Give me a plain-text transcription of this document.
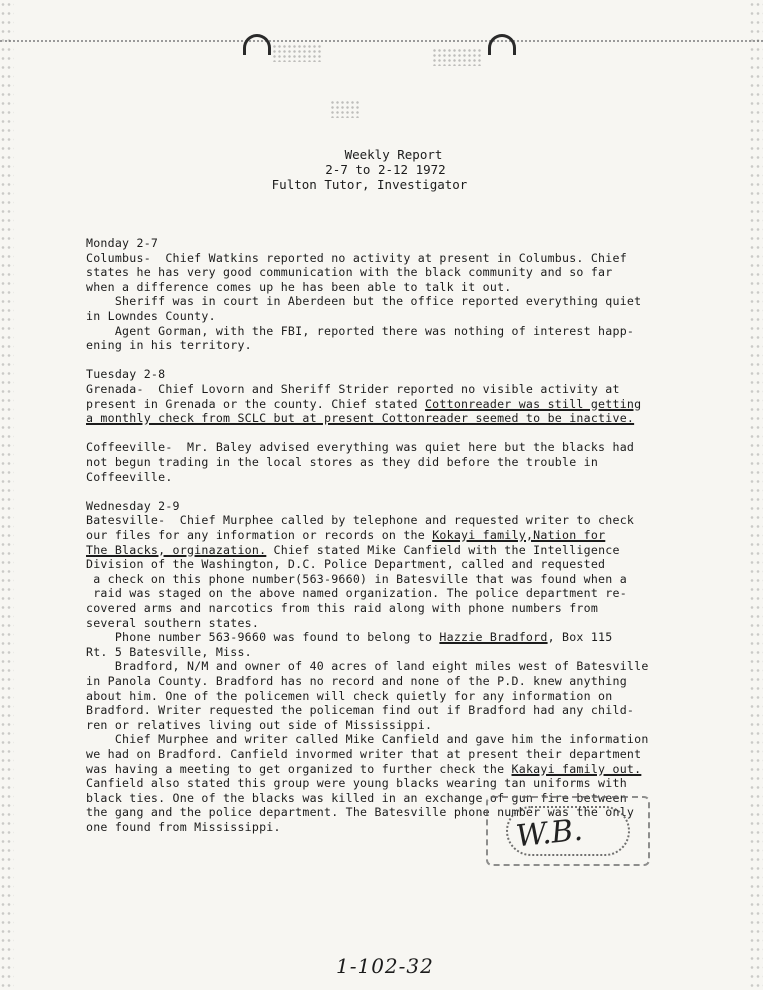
Weekly Report
2-7 to 2-12 1972
Fulton Tutor, Investigator
Monday 2-7
Columbus-  Chief Watkins reported no activity at present in Columbus. Chief
states he has very good communication with the black community and so far
when a difference comes up he has been able to talk it out.
Sheriff was in court in Aberdeen but the office reported everything quiet
in Lowndes County.
Agent Gorman, with the FBI, reported there was nothing of interest happ-
ening in his territory.
Tuesday 2-8
Grenada-  Chief Lovorn and Sheriff Strider reported no visible activity at
present in Grenada or the county. Chief stated Cottonreader was still getting
a monthly check from SCLC but at present Cottonreader seemed to be inactive.
Coffeeville-  Mr. Baley advised everything was quiet here but the blacks had
not begun trading in the local stores as they did before the trouble in
Coffeeville.
Wednesday 2-9
Batesville-  Chief Murphee called by telephone and requested writer to check
our files for any information or records on the Kokayi family,Nation for
The Blacks, orginazation. Chief stated Mike Canfield with the Intelligence
Division of the Washington, D.C. Police Department, called and requested
a check on this phone number(563-9660) in Batesville that was found when a
raid was staged on the above named organization. The police department re-
covered arms and narcotics from this raid along with phone numbers from
several southern states.
Phone number 563-9660 was found to belong to Hazzie Bradford, Box 115
Rt. 5 Batesville, Miss.
Bradford, N/M and owner of 40 acres of land eight miles west of Batesville
in Panola County. Bradford has no record and none of the P.D. knew anything
about him. One of the policemen will check quietly for any information on
Bradford. Writer requested the policeman find out if Bradford had any child-
ren or relatives living out side of Mississippi.
Chief Murphee and writer called Mike Canfield and gave him the information
we had on Bradford. Canfield invormed writer that at present their department
was having a meeting to get organized to further check the Kakayi family out.
Canfield also stated this group were young blacks wearing tan uniforms with
black ties. One of the blacks was killed in an exchange of gun fire between
the gang and the police department. The Batesville phone number was the only
one found from Mississippi.	W.B.
1-102-32
